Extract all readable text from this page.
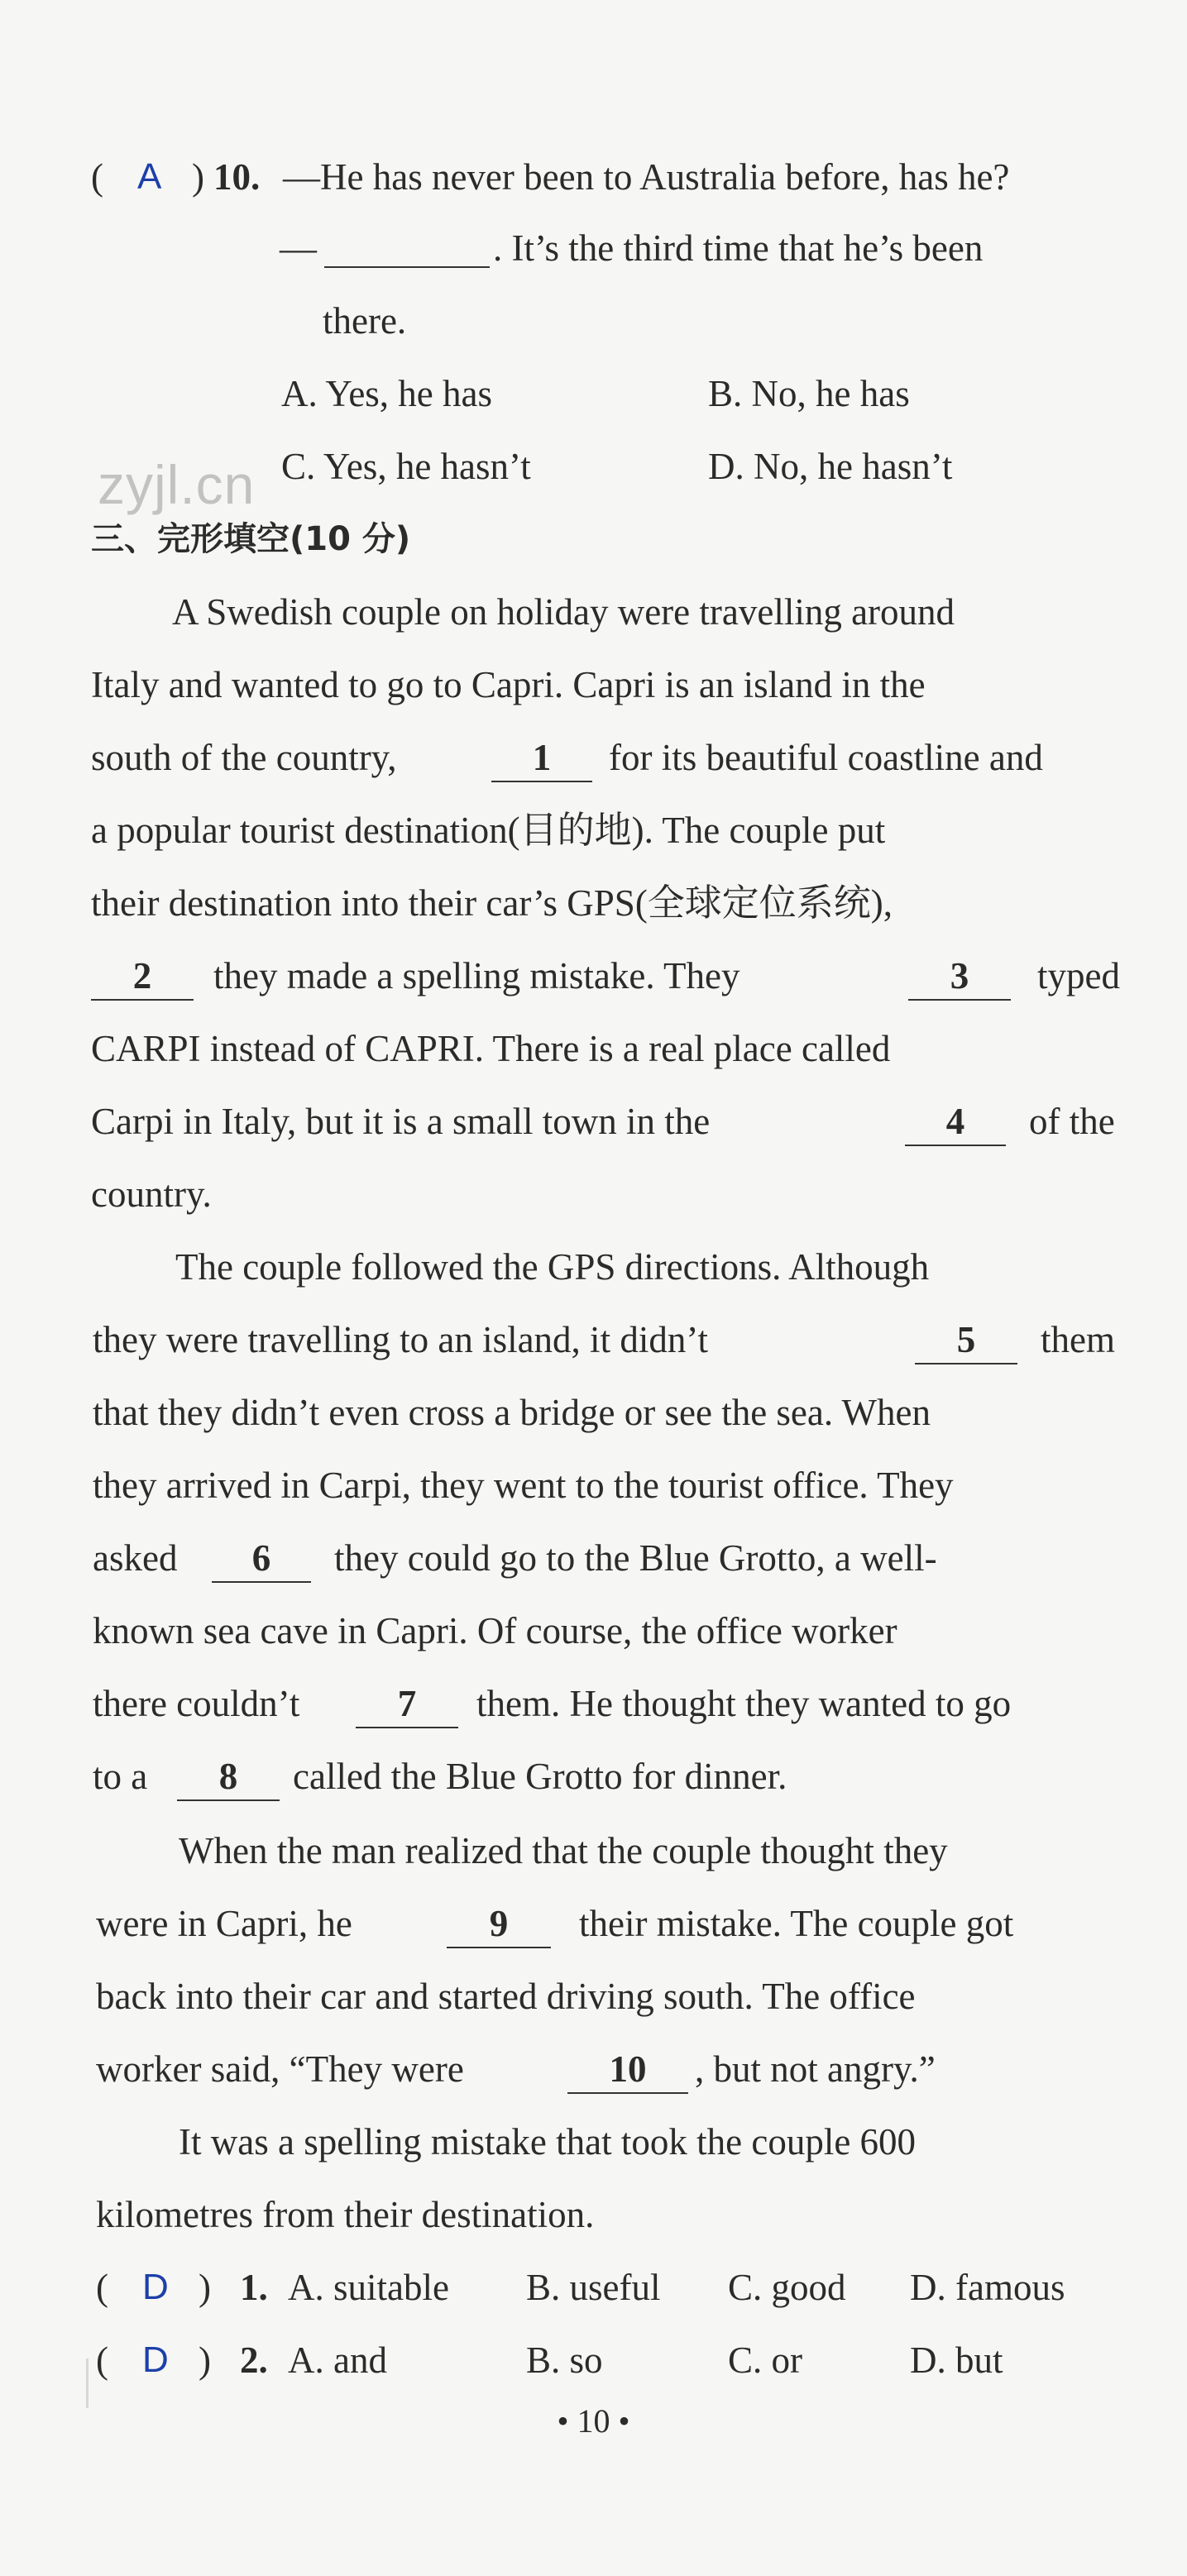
( A ) 10. —He has never been to Australia before, has he?
—	. It’s the third time that he’s been
there.
A. Yes, he has	B. No, he has
C. Yes, he hasn’t	D. No, he hasn’t
zyjl.cn
三、完形填空(10 分)
A Swedish couple on holiday were travelling around
Italy and wanted to go to Capri. Capri is an island in the
south of the country,	1	for its beautiful coastline and
a popular tourist destination(目的地). The couple put
their destination into their car’s GPS(全球定位系统),
2	they made a spelling mistake. They	3	typed
CARPI instead of CAPRI. There is a real place called
Carpi in Italy, but it is a small town in the	4	of the
country.
The couple followed the GPS directions. Although
they were travelling to an island, it didn’t	5	them
that they didn’t even cross a bridge or see the sea. When
they arrived in Carpi, they went to the tourist office. They
asked	6	they could go to the Blue Grotto, a well-
known sea cave in Capri. Of course, the office worker
there couldn’t	7	them. He thought they wanted to go
to a	8	called the Blue Grotto for dinner.
When the man realized that the couple thought they
were in Capri, he	9	their mistake. The couple got
back into their car and started driving south. The office
worker said, “They were	10	, but not angry.”
It was a spelling mistake that took the couple 600
kilometres from their destination.
( D ) 1. A. suitable B. useful C. good D. famous
( D ) 2. A. and	B. so	C. or	D. but
• 10 •
